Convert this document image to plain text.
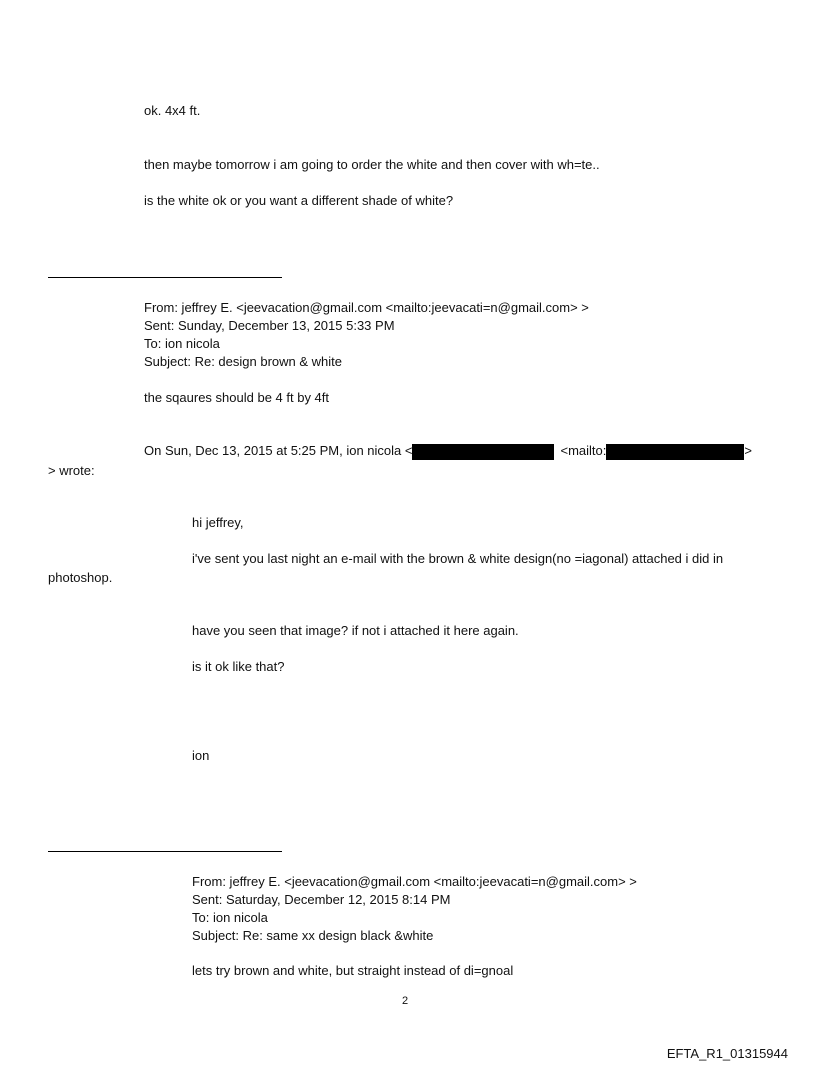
ok. 4x4 ft.

then maybe tomorrow i am going to order the white and then cover with wh=te..

is the white ok or you want a different shade of white?

From: jeffrey E. <jeevacation@gmail.com <mailto:jeevacati=n@gmail.com> >

Sent: Sunday, December 13, 2015 5:33 PM

To: ion nicola

Subject: Re: design brown & white

the sqaures should be 4 ft by 4ft

On Sun, Dec 13, 2015 at 5:25 PM, ion nicola <	<mailto:	>

> wrote:

hi jeffrey,

i've sent you last night an e-mail with the brown & white design(no =iagonal) attached i did in

photoshop.

have you seen that image? if not i attached it here again.

is it ok like that?

ion

From: jeffrey E. <jeevacation@gmail.com <mailto:jeevacati=n@gmail.com> >

Sent: Saturday, December 12, 2015 8:14 PM

To: ion nicola

Subject: Re: same xx design black &white

lets try brown and white, but straight instead of di=gnoal

2
EFTA_R1_01315944
